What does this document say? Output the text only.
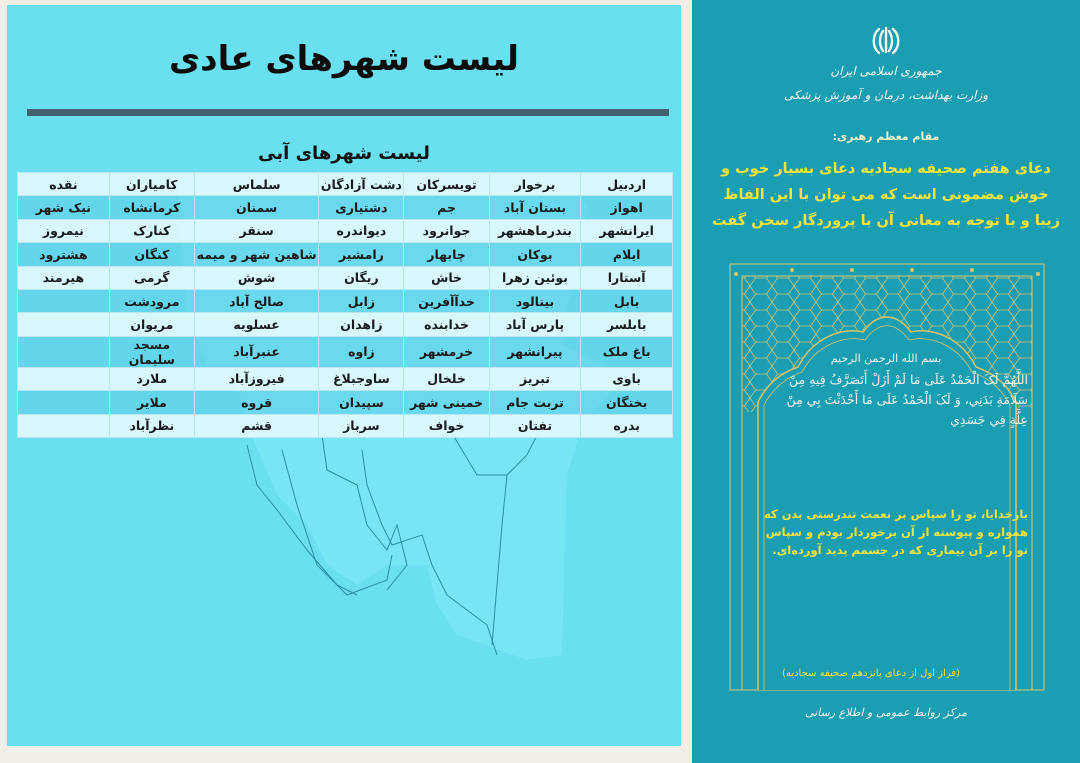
لیست شهرهای عادی
لیست شهرهای آبی
اردبیل	برخوار	تویسرکان	دشت آزادگان	سلماس	کامیاران	نقده
اهواز	بستان آباد	جم	دشتیاری	سمنان	کرمانشاه	نیک شهر
ایرانشهر	بندرماهشهر	جوانرود	دیواندره	سنقر	کنارک	نیمروز
ایلام	بوکان	چابهار	رامشیر	شاهین شهر و میمه	کنگان	هشترود
آستارا	بوئین زهرا	خاش	ریگان	شوش	گرمی	هیرمند
بابل	بینالود	خدآآفرین	زابل	صالح آباد	مرودشت	
بابلسر	پارس آباد	خدابنده	زاهدان	عسلویه	مریوان	
باغ ملک	پیرانشهر	خرمشهر	زاوه	عنبرآباد	مسجد سلیمان	
باوی	تبریز	خلخال	ساوجبلاغ	فیروزآباد	ملارد	
بختگان	تربت جام	خمینی شهر	سپیدان	قروه	ملایر	
بدره	تفتان	خواف	سرباز	قشم	نظرآباد	
جمهوری اسلامی ایران
وزارت بهداشت، درمان و آموزش پزشکی
مقام معظم رهبری:
دعای هفتم صحیفه سجادیه دعای بسیار خوب و خوش مضمونی است که می توان با این الفاظ زیبا و با توجه به معانی آن با پروردگار سخن گفت
بسم الله الرحمن الرحیم
اللَّهُمَّ لَکَ الْحَمْدُ عَلَى مَا لَمْ أَزَلْ أَتَصَرَّفُ فِيهِ مِنْ سَلَامَةِ بَدَنِي، وَ لَکَ الْحَمْدُ عَلَى مَا أَحْدَثْتَ بِي مِنْ عِلَّةٍ فِي جَسَدِي
بارخدایا، تو را سپاس بر نعمت تندرستی بدن که همواره و پیوسته از آن برخوردار بودم و سپاس تو را بر آن بیماری که در جسمم پدید آورده‌ای.
(فراز اول از دعای پانزدهم صحیفه سجادیه)
مرکز روابط عمومی و اطلاع رسانی
